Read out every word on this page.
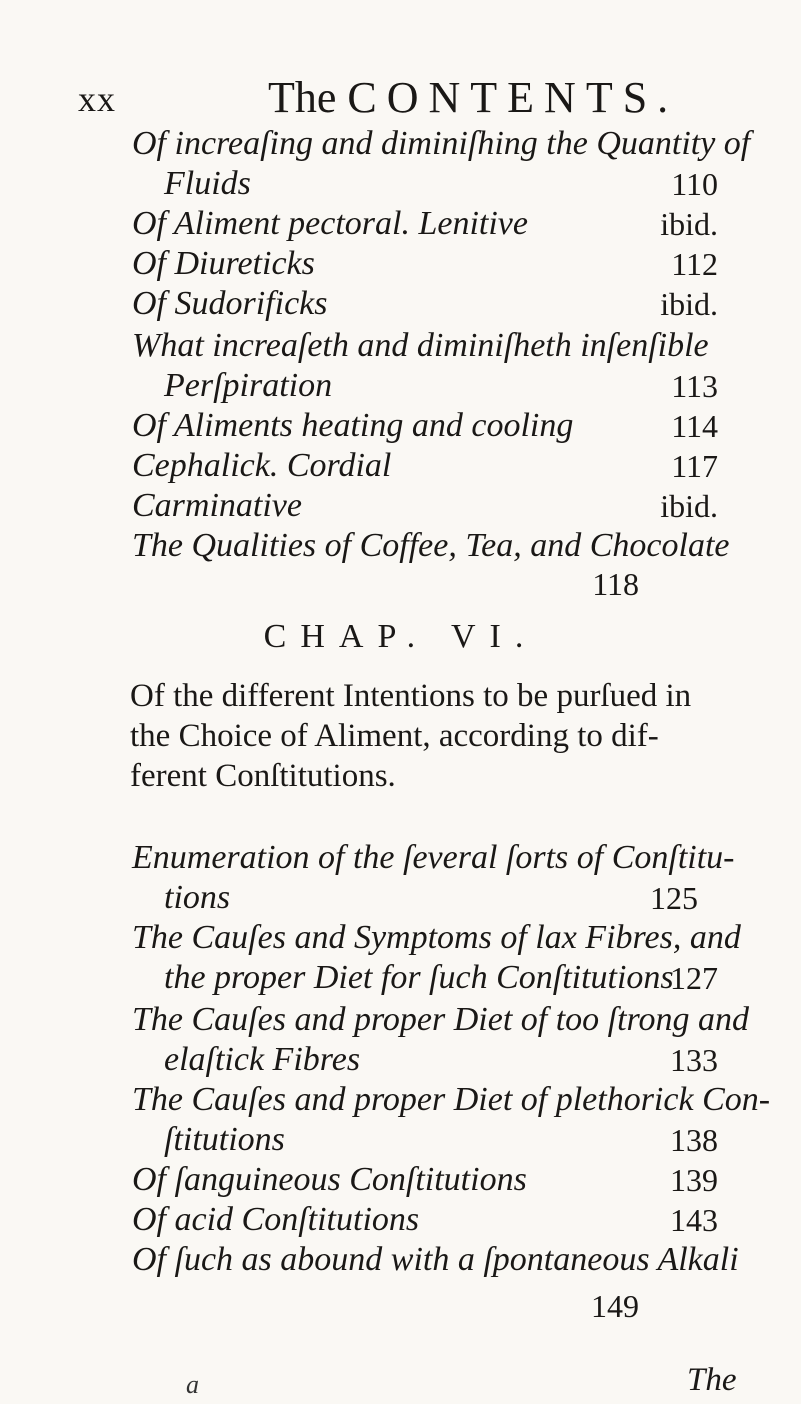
xx	The CONTENTS.
Of increaſing and diminiſhing the Quantity of
Fluids	110
Of Aliment pectoral. Lenitive	ibid.
Of Diureticks	112
Of Sudorificks	ibid.
What increaſeth and diminiſheth inſenſible
Perſpiration	113
Of Aliments heating and cooling	114
Cephalick. Cordial	117
Carminative	ibid.
The Qualities of Coffee, Tea, and Chocolate
118
CHAP. VI.
Of the different Intentions to be purſued in
the Choice of Aliment, according to dif-
ferent Conſtitutions.
Enumeration of the ſeveral ſorts of Conſtitu-
tions	125
The Cauſes and Symptoms of lax Fibres, and
the proper Diet for ſuch Conſtitutions
127
The Cauſes and proper Diet of too ſtrong and
elaſtick Fibres	133
The Cauſes and proper Diet of plethorick Con-
ſtitutions	138
Of ſanguineous Conſtitutions	139
Of acid Conſtitutions	143
Of ſuch as abound with a ſpontaneous Alkali
149
The
a
